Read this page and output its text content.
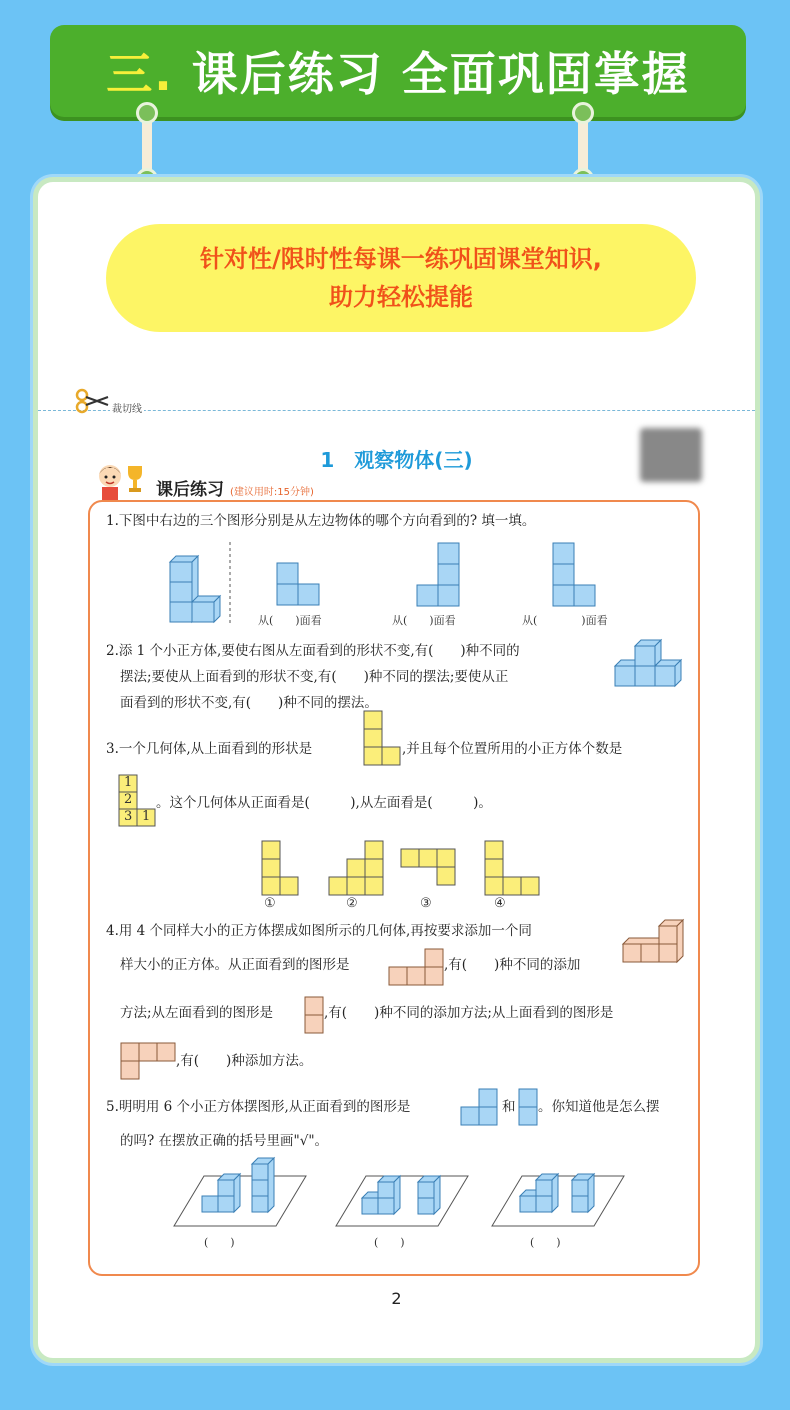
三. 课后练习 全面巩固掌握
针对性/限时性每课一练巩固课堂知识,
助力轻松提能
裁切线
1　观察物体(三)
课后练习 (建议用时:15分钟)
1.下图中右边的三个图形分别是从左边物体的哪个方向看到的? 填一填。
从(　　)面看	从(　　)面看	从(　　　　)面看
2.添 1 个小正方体,要使右图从左面看到的形状不变,有(　　)种不同的
摆法;要使从上面看到的形状不变,有(　　)种不同的摆法;要使从正
面看到的形状不变,有(　　)种不同的摆法。
3.一个几何体,从上面看到的形状是	,并且每个位置所用的小正方体个数是
1
2
3 1
。这个几何体从正面看是(　　　),从左面看是(　　　)。
①	②	③	④
4.用 4 个同样大小的正方体摆成如图所示的几何体,再按要求添加一个同
样大小的正方体。从正面看到的图形是	,有(　　)种不同的添加
方法;从左面看到的图形是	,有(　　)种不同的添加方法;从上面看到的图形是
,有(　　)种添加方法。
5.明明用 6 个小正方体摆图形,从正面看到的图形是	和 。你知道他是怎么摆
的吗? 在摆放正确的括号里画"√"。
(　　)	(　　)	(　　)
2
